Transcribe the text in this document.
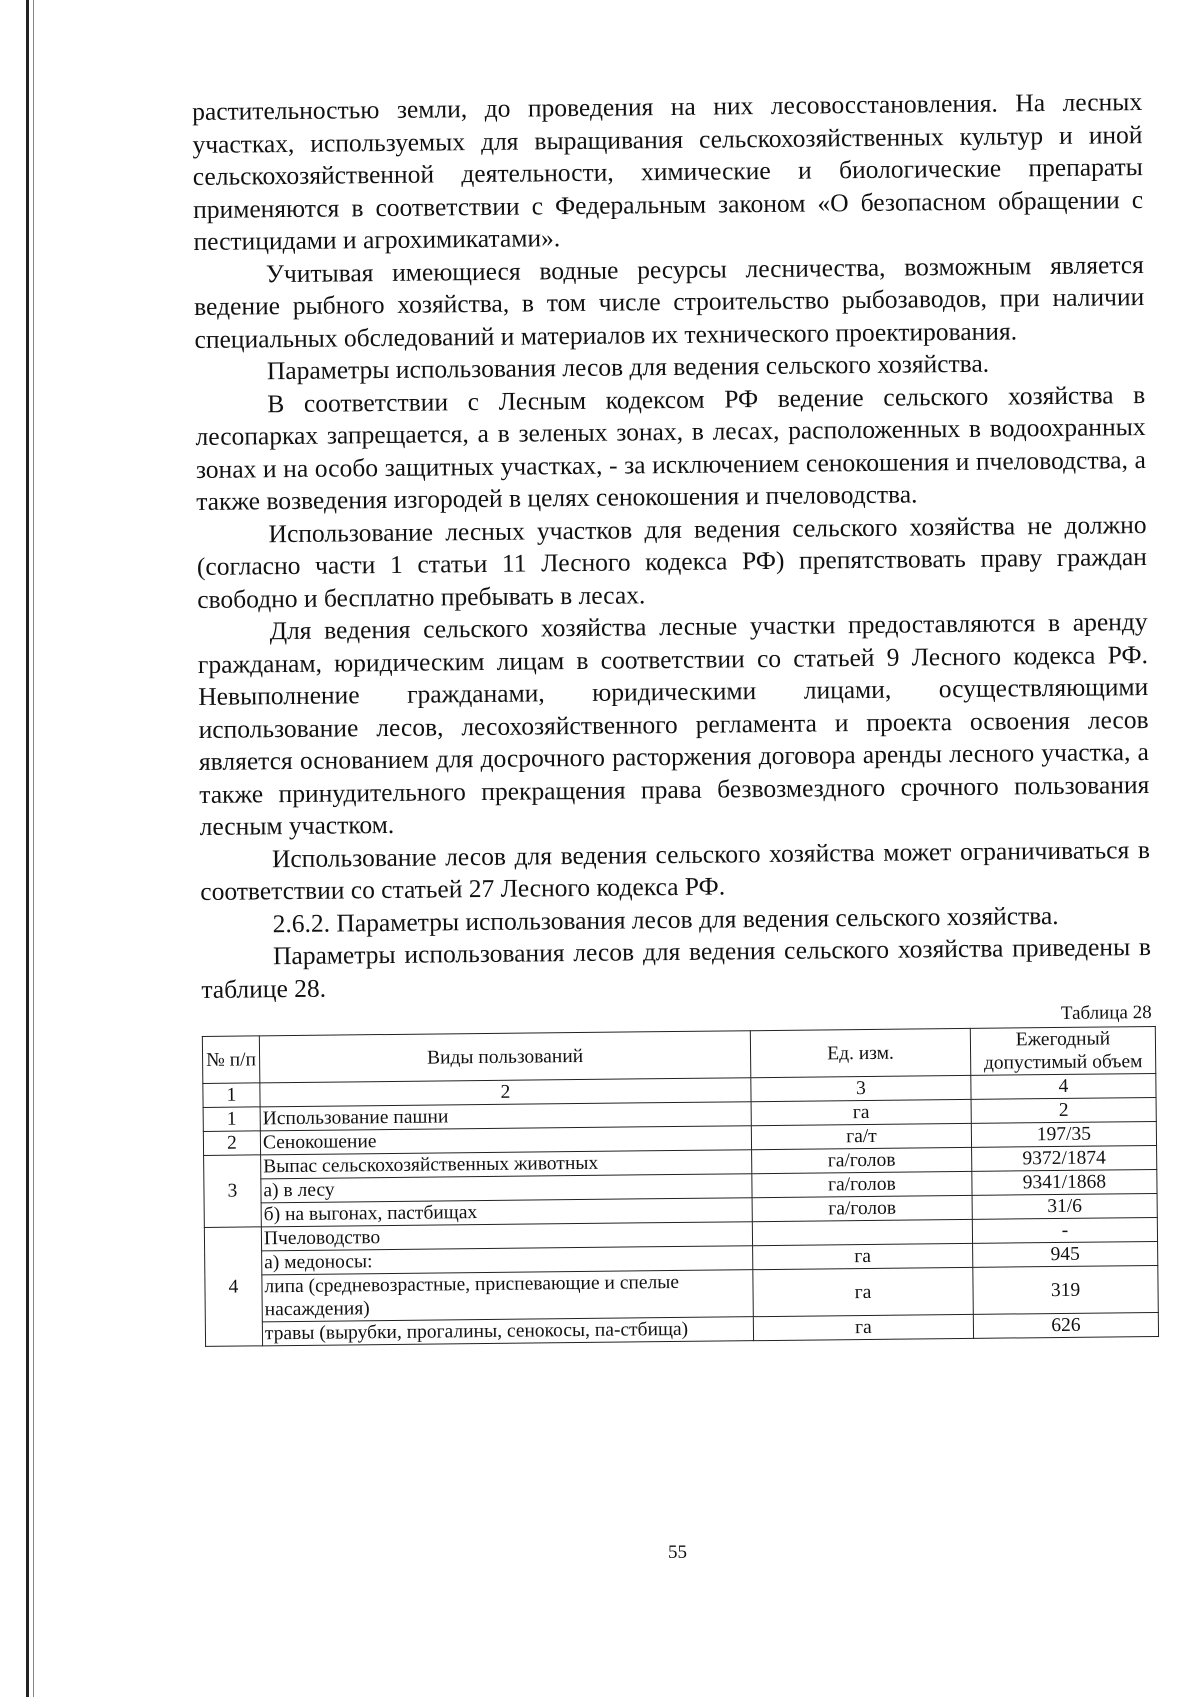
растительностью земли, до проведения на них лесовосстановления. На лесных участках, используемых для выращивания сельскохозяйственных культур и иной сельскохозяйственной деятельности, химические и биологические препараты применяются в соответствии с Федеральным законом «О безопасном обращении с пестицидами и агрохимикатами».

Учитывая имеющиеся водные ресурсы лесничества, возможным является ведение рыбного хозяйства, в том числе строительство рыбозаводов, при наличии специальных обследований и материалов их технического проектирования.

Параметры использования лесов для ведения сельского хозяйства.

В соответствии с Лесным кодексом РФ ведение сельского хозяйства в лесопарках запрещается, а в зеленых зонах, в лесах, расположенных в водоохранных зонах и на особо защитных участках, - за исключением сенокошения и пчеловодства, а также возведения изгородей в целях сенокошения и пчеловодства.

Использование лесных участков для ведения сельского хозяйства не должно (согласно части 1 статьи 11 Лесного кодекса РФ) препятствовать праву граждан свободно и бесплатно пребывать в лесах.

Для ведения сельского хозяйства лесные участки предоставляются в аренду гражданам, юридическим лицам в соответствии со статьей 9 Лесного кодекса РФ. Невыполнение гражданами, юридическими лицами, осуществляющими использование лесов, лесохозяйственного регламента и проекта освоения лесов является основанием для досрочного расторжения договора аренды лесного участка, а также принудительного прекращения права безвозмездного срочного пользования лесным участком.

Использование лесов для ведения сельского хозяйства может ограничиваться в соответствии со статьей 27 Лесного кодекса РФ.

2.6.2. Параметры использования лесов для ведения сельского хозяйства.

Параметры использования лесов для ведения сельского хозяйства приведены в таблице 28.

Таблица 28
№ п/п	Виды пользований	Ед. изм.	Ежегодный допустимый объем
1	2	3	4
1	Использование пашни	га	2
2	Сенокошение	га/т	197/35
3	Выпас сельскохозяйственных животных	га/голов	9372/1874
	а) в лесу	га/голов	9341/1868
	б) на выгонах, пастбищах	га/голов	31/6
4	Пчеловодство		-
	а) медоносы:	га	945
	липа (средневозрастные, приспевающие и спелые насаждения)	га	319
	травы (вырубки, прогалины, сенокосы, па-стбища)	га	626
55
